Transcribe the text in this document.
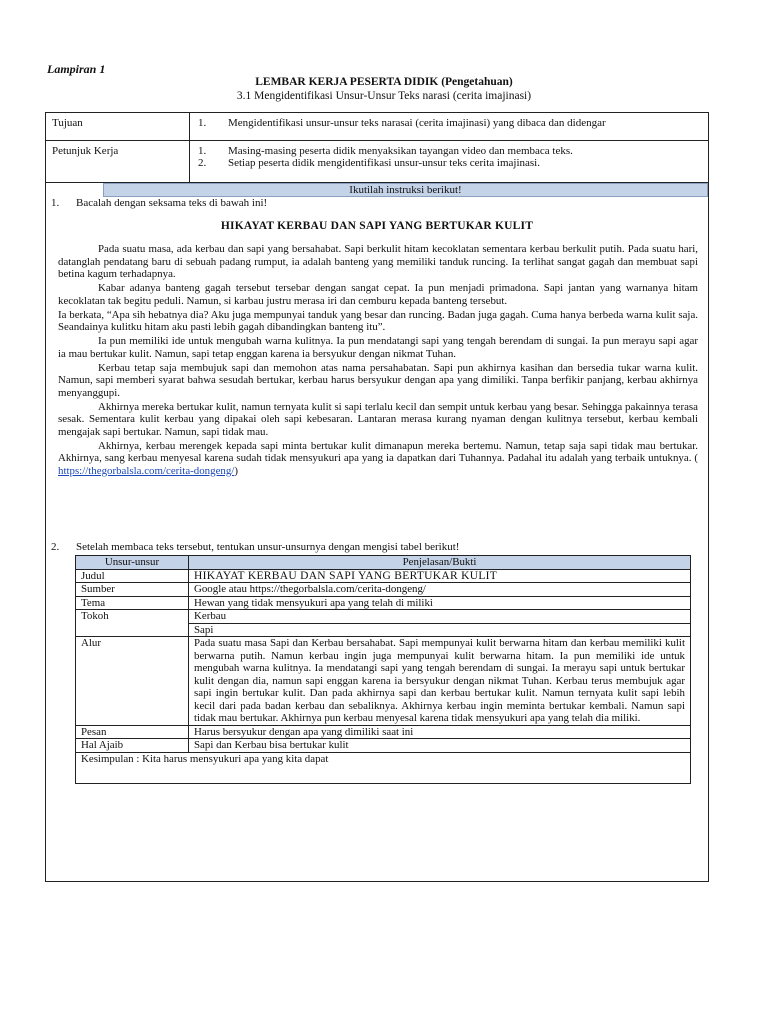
Lampiran 1
LEMBAR KERJA PESERTA DIDIK (Pengetahuan)
3.1 Mengidentifikasi Unsur-Unsur Teks narasi (cerita imajinasi)
Tujuan	1.	Mengidentifikasi unsur-unsur teks narasai (cerita imajinasi) yang dibaca dan didengar
Petunjuk Kerja	1.	Masing-masing peserta didik menyaksikan tayangan video dan membaca teks.
2.	Setiap peserta didik mengidentifikasi unsur-unsur teks cerita imajinasi.
Ikutilah instruksi berikut!
1.	Bacalah dengan seksama teks di bawah ini!
HIKAYAT KERBAU DAN SAPI YANG BERTUKAR KULIT

Pada suatu masa, ada kerbau dan sapi yang bersahabat. Sapi berkulit hitam kecoklatan sementara kerbau berkulit putih. Pada suatu hari, datanglah pendatang baru di sebuah padang rumput, ia adalah banteng yang memiliki tanduk runcing. Ia terlihat sangat gagah dan membuat sapi betina kagum terhadapnya.

Kabar adanya banteng gagah tersebut tersebar dengan sangat cepat. Ia pun menjadi primadona. Sapi jantan yang warnanya hitam kecoklatan tak begitu peduli. Namun, si karbau justru merasa iri dan cemburu kepada banteng tersebut.

Ia berkata, “Apa sih hebatnya dia? Aku juga mempunyai tanduk yang besar dan runcing. Badan juga gagah. Cuma hanya berbeda warna kulit saja. Seandainya kulitku hitam aku pasti lebih gagah dibandingkan banteng itu”.

Ia pun memiliki ide untuk mengubah warna kulitnya. Ia pun mendatangi sapi yang tengah berendam di sungai. Ia pun merayu sapi agar ia mau bertukar kulit. Namun, sapi tetap enggan karena ia bersyukur dengan nikmat Tuhan.

Kerbau tetap saja membujuk sapi dan memohon atas nama persahabatan. Sapi pun akhirnya kasihan dan bersedia tukar warna kulit. Namun, sapi memberi syarat bahwa sesudah bertukar, kerbau harus bersyukur dengan apa yang dimiliki. Tanpa berfikir panjang, kerbau akhirnya menyanggupi.

Akhirnya mereka bertukar kulit, namun ternyata kulit si sapi terlalu kecil dan sempit untuk kerbau yang besar. Sehingga pakainnya terasa sesak. Sementara kulit kerbau yang dipakai oleh sapi kebesaran. Lantaran merasa kurang nyaman dengan kulitnya tersebut, kerbau kembali mengajak sapi bertukar. Namun, sapi tidak mau.

Akhirnya, kerbau merengek kepada sapi minta bertukar kulit dimanapun mereka bertemu. Namun, tetap saja sapi tidak mau bertukar. Akhirnya, sang kerbau menyesal karena sudah tidak mensyukuri apa yang ia dapatkan dari Tuhannya. Padahal itu adalah yang terbaik untuknya. ( https://thegorbalsla.com/cerita-dongeng/)

2.	Setelah membaca teks tersebut, tentukan unsur-unsurnya dengan mengisi tabel berikut!
Unsur-unsur	Penjelasan/Bukti
Judul	HIKAYAT KERBAU DAN SAPI YANG BERTUKAR KULIT
Sumber	Google atau https://thegorbalsla.com/cerita-dongeng/
Tema	Hewan yang tidak mensyukuri apa yang telah di miliki
Tokoh	Kerbau
	Sapi
Alur	Pada suatu masa Sapi dan Kerbau bersahabat. Sapi mempunyai kulit berwarna hitam dan kerbau memiliki kulit berwarna putih. Namun kerbau ingin juga mempunyai kulit berwarna hitam. Ia pun memiliki ide untuk mengubah warna kulitnya. Ia mendatangi sapi yang tengah berendam di sungai. Ia merayu sapi untuk bertukar kulit dengan dia, namun sapi enggan karena ia bersyukur dengan nikmat Tuhan. Kerbau terus membujuk agar sapi ingin bertukar kulit. Dan pada akhirnya sapi dan kerbau bertukar kulit. Namun ternyata kulit sapi lebih kecil dari pada badan kerbau dan sebaliknya. Akhirnya kerbau ingin meminta bertukar kembali. Namun sapi tidak mau bertukar. Akhirnya pun kerbau menyesal karena tidak mensyukuri apa yang telah dia miliki.
Pesan	Harus bersyukur dengan apa yang dimiliki saat ini
Hal Ajaib	Sapi dan Kerbau bisa bertukar kulit
Kesimpulan : Kita harus mensyukuri apa yang kita dapat	
